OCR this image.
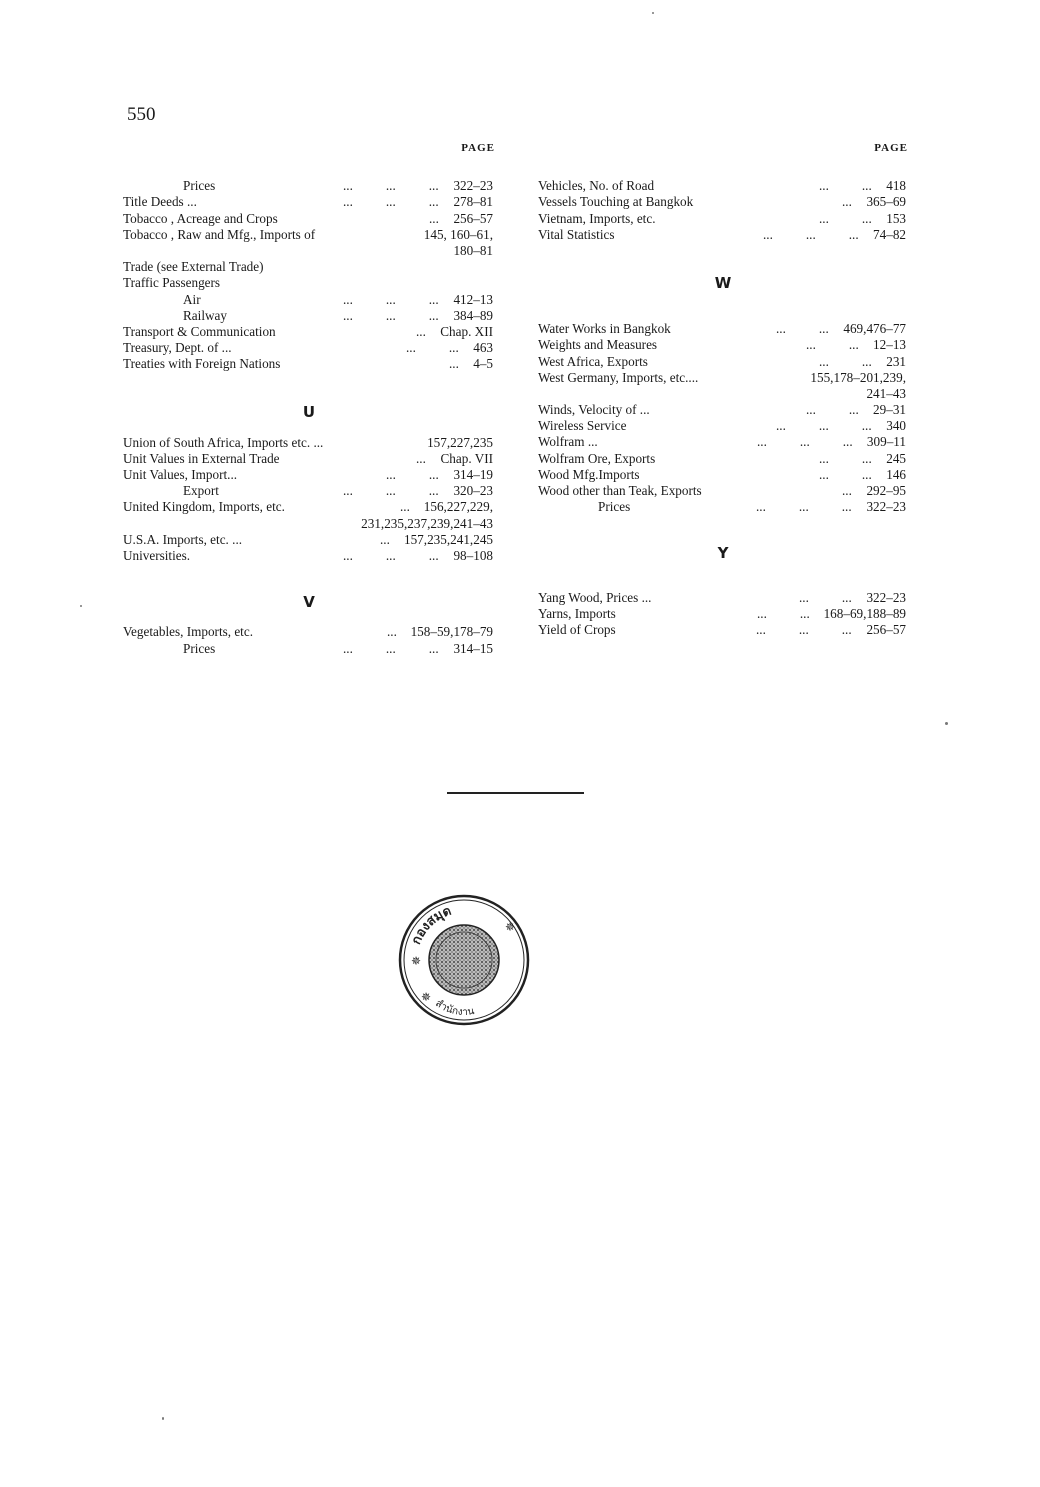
550
PAGE
Prices	...          ...          ... 322–23
Title Deeds ...	...          ...          ... 278–81
Tobacco , Acreage and Crops	... 256–57
Tobacco , Raw and Mfg., Imports of	145, 160–61,
180–81
Trade (see External Trade)
Traffic Passengers
Air	...          ...          ... 412–13
Railway	...          ...          ... 384–89
Transport & Communication	... Chap. XII
Treasury, Dept. of ...	...          ... 463
Treaties with Foreign Nations	... 4–5
U
Union of South Africa, Imports etc. ...	157,227,235
Unit Values in External Trade	... Chap. VII
Unit Values, Import...	...          ... 314–19
Export	...          ...          ... 320–23
United Kingdom, Imports, etc.	... 156,227,229,
231,235,237,239,241–43
U.S.A. Imports, etc. ...	... 157,235,241,245
Universities.	...          ...          ... 98–108
V
Vegetables, Imports, etc.	... 158–59,178–79
Prices	...          ...          ... 314–15
PAGE
Vehicles, No. of Road	...          ... 418
Vessels Touching at Bangkok	... 365–69
Vietnam, Imports, etc.	...          ... 153
Vital Statistics	...          ...          ... 74–82
W
Water Works in Bangkok	...          ... 469,476–77
Weights and Measures	...          ... 12–13
West Africa, Exports	...          ... 231
West Germany, Imports, etc....	155,178–201,239,
241–43
Winds, Velocity of ...	...          ... 29–31
Wireless Service	...          ...          ... 340
Wolfram ...	...          ...          ... 309–11
Wolfram Ore, Exports	...          ... 245
Wood Mfg.Imports	...          ... 146
Wood other than Teak, Exports	... 292–95
Prices	...          ...          ... 322–23
Y
Yang Wood, Prices ...	...          ... 322–23
Yarns, Imports	...          ... 168–69,188–89
Yield of Crops	...          ...          ... 256–57
กองสมุด
สำนักงาน
✵
✵
✵
